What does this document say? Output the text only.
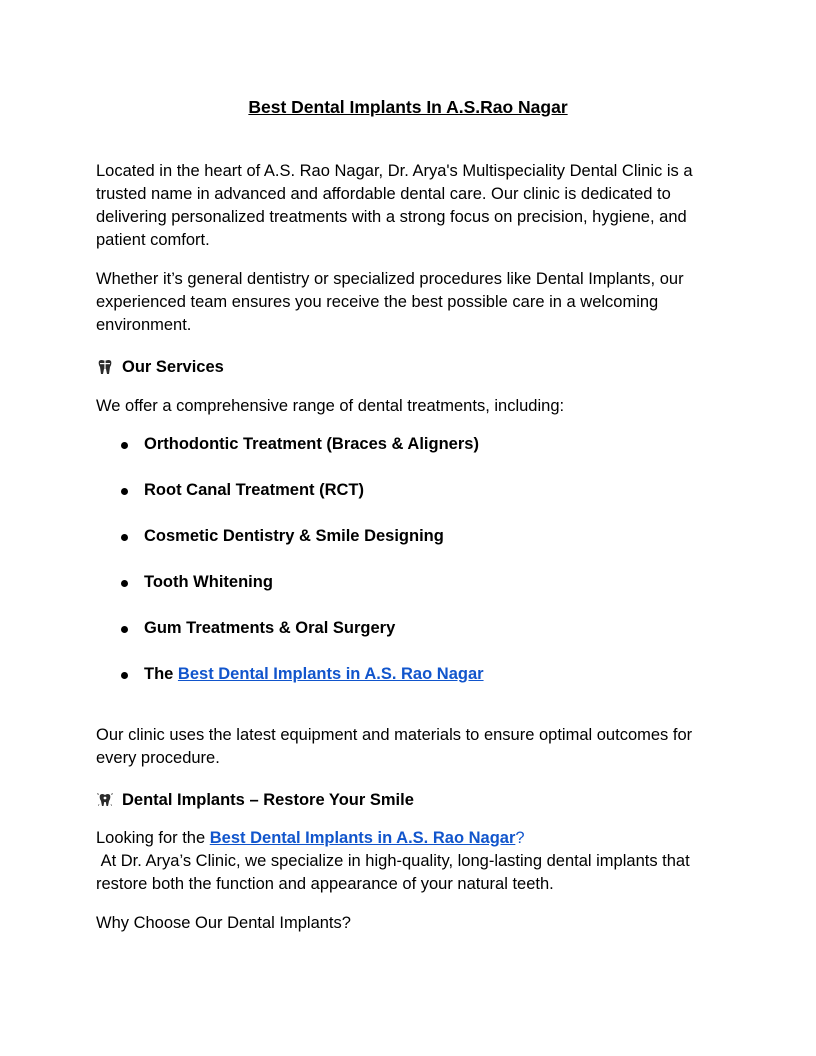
Best Dental Implants In A.S.Rao Nagar

Located in the heart of A.S. Rao Nagar, Dr. Arya's Multispeciality Dental Clinic is a trusted name in advanced and affordable dental care. Our clinic is dedicated to delivering personalized treatments with a strong focus on precision, hygiene, and patient comfort.

Whether it’s general dentistry or specialized procedures like Dental Implants, our experienced team ensures you receive the best possible care in a welcoming environment.

Our Services

We offer a comprehensive range of dental treatments, including:

Orthodontic Treatment (Braces & Aligners)
Root Canal Treatment (RCT)
Cosmetic Dentistry & Smile Designing
Tooth Whitening
Gum Treatments & Oral Surgery
The Best Dental Implants in A.S. Rao Nagar

Our clinic uses the latest equipment and materials to ensure optimal outcomes for every procedure.

Dental Implants – Restore Your Smile

Looking for the Best Dental Implants in A.S. Rao Nagar?
At Dr. Arya’s Clinic, we specialize in high-quality, long-lasting dental implants that restore both the function and appearance of your natural teeth.

Why Choose Our Dental Implants?
